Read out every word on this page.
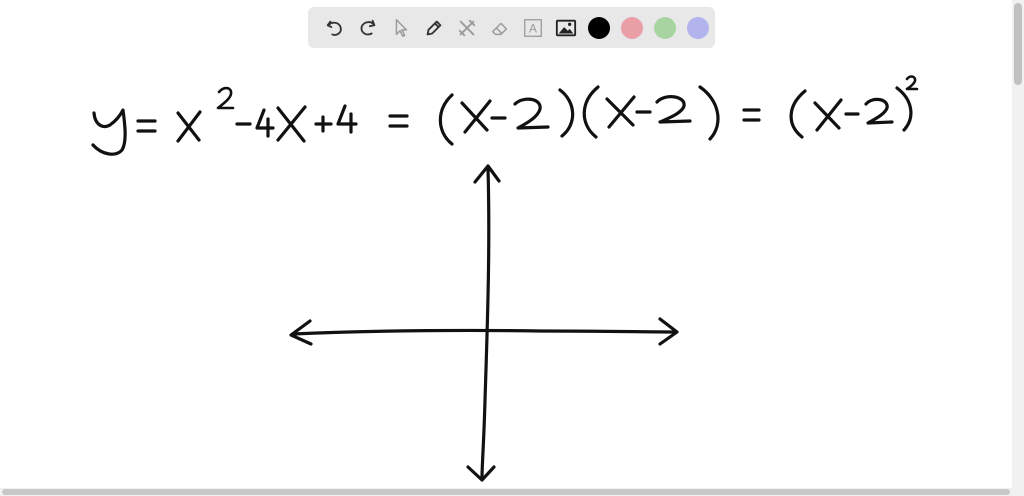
A
